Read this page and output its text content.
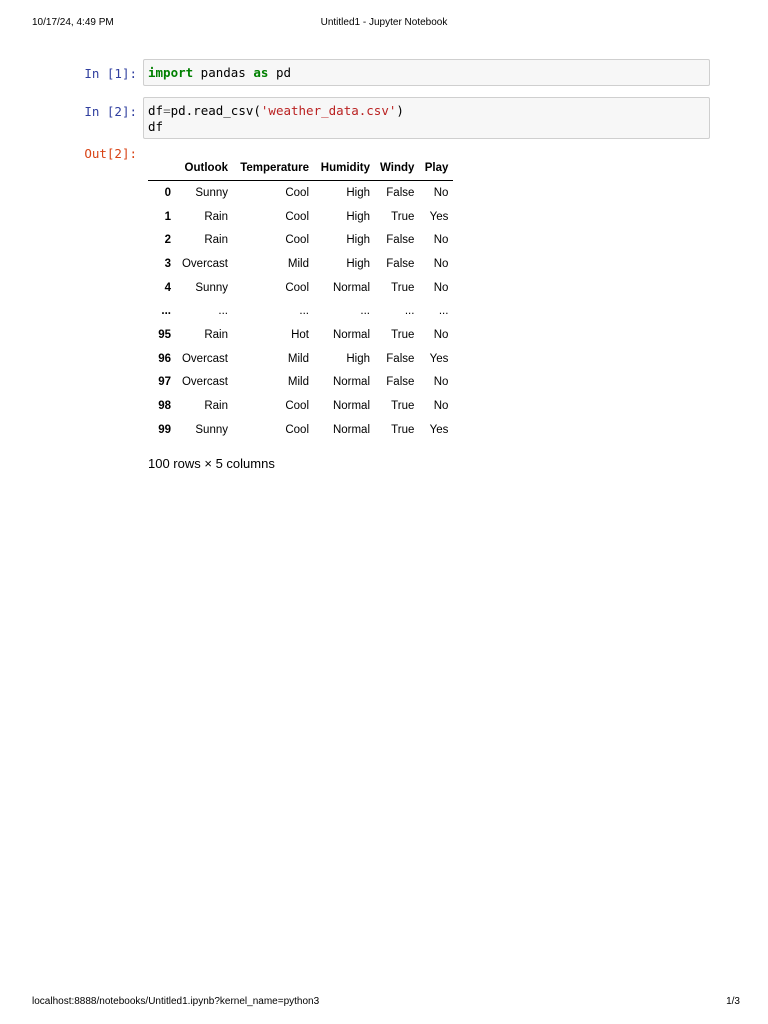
10/17/24, 4:49 PM	Untitled1 - Jupyter Notebook
In [1]: import pandas as pd
In [2]: df=pd.read_csv('weather_data.csv')
df
Out[2]:
	Outlook	Temperature	Humidity	Windy	Play
0	Sunny	Cool	High	False	No
1	Rain	Cool	High	True	Yes
2	Rain	Cool	High	False	No
3	Overcast	Mild	High	False	No
4	Sunny	Cool	Normal	True	No
...	...	...	...	...	...
95	Rain	Hot	Normal	True	No
96	Overcast	Mild	High	False	Yes
97	Overcast	Mild	Normal	False	No
98	Rain	Cool	Normal	True	No
99	Sunny	Cool	Normal	True	Yes
100 rows × 5 columns
localhost:8888/notebooks/Untitled1.ipynb?kernel_name=python3	1/3
